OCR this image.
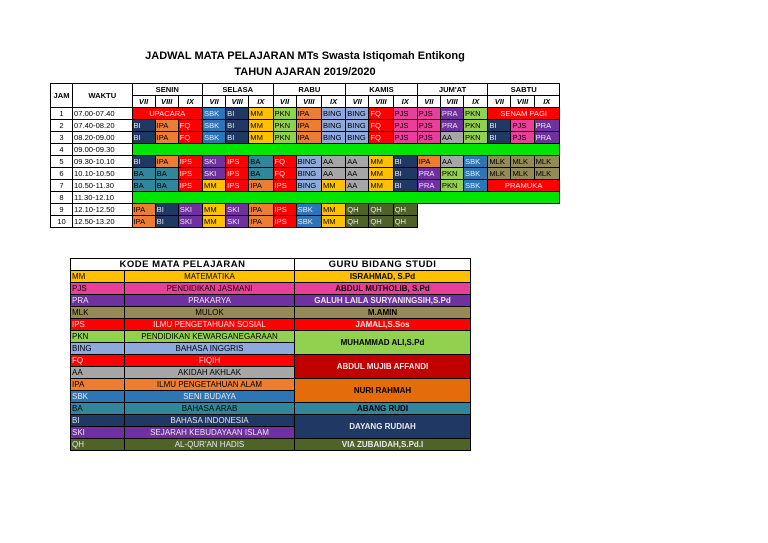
JADWAL MATA PELAJARAN MTs Swasta Istiqomah Entikong
TAHUN AJARAN 2019/2020
JAM	WAKTU	SENIN			SELASA			RABU			KAMIS			JUM'AT			SABTU		
		VII	VIII	IX	VII	VIII	IX	VII	VIII	IX	VII	VIII	IX	VII	VIII	IX	VII	VIII	IX
1	07.00-07.40	UPACARA			SBK	BI	MM	PKN	IPA	BING	BING	FQ	PJS	PJS	PRA	PKN	SENAM PAGI		
2	07.40-08.20	BI	IPA	FQ	SBK	BI	MM	PKN	IPA	BING	BING	FQ	PJS	PJS	PRA	PKN	BI	PJS	PRA
3	08.20-09.00	BI	IPA	FQ	SBK	BI	MM	PKN	IPA	BING	BING	FQ	PJS	PJS	AA	PKN	BI	PJS	PRA
4	09.00-09.30																		
5	09.30-10.10	BI	IPA	IPS	SKI	IPS	BA	FQ	BING	AA	AA	MM	BI	IPA	AA	SBK	MLK	MLK	MLK
6	10.10-10.50	BA	BA	IPS	SKI	IPS	BA	FQ	BING	AA	AA	MM	BI	PRA	PKN	SBK	MLK	MLK	MLK
7	10.50-11.30	BA	BA	IPS	MM	IPS	IPA	IPS	BING	MM	AA	MM	BI	PRA	PKN	SBK	PRAMUKA		
8	11.30-12.10																		
9	12.10-12.50	IPA	BI	SKI	MM	SKI	IPA	IPS	SBK	MM	QH	QH	QH						
10	12.50-13.20	IPA	BI	SKI	MM	SKI	IPA	IPS	SBK	MM	QH	QH	QH						
KODE MATA PELAJARAN		GURU BIDANG STUDI
MM	MATEMATIKA	ISRAHMAD, S.Pd
PJS	PENDIDIKAN JASMANI	ABDUL MUTHOLIB, S.Pd
PRA	PRAKARYA	GALUH LAILA SURYANINGSIH,S.Pd
MLK	MULOK	M.AMIN
IPS	ILMU PENGETAHUAN SOSIAL	JAMALI,S.Sos
PKN	PENDIDIKAN KEWARGANEGARAAN	MUHAMMAD ALI,S.Pd
BING	BAHASA INGGRIS	
FQ	FIQIH	ABDUL MUJIB AFFANDI
AA	AKIDAH AKHLAK	
IPA	ILMU PENGETAHUAN ALAM	NURI RAHMAH
SBK	SENI BUDAYA	
BA	BAHASA ARAB	ABANG RUDI
BI	BAHASA INDONESIA	DAYANG RUDIAH
SKI	SEJARAH KEBUDAYAAN ISLAM	
QH	AL-QUR'AN HADIS	VIA ZUBAIDAH,S.Pd.I
